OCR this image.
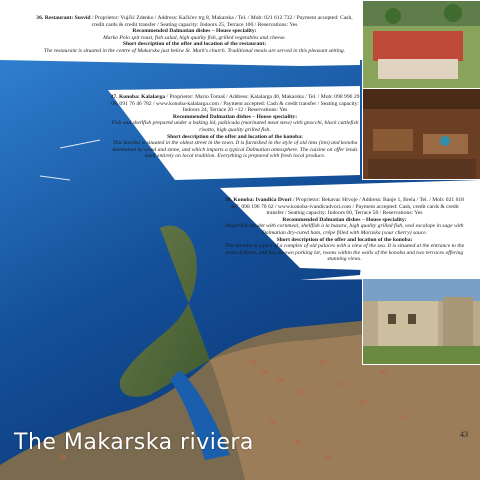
36. Restaurant: Susvid / Proprietor: Vujčić Zdenko / Address: Kačićev trg 8, Makarska / Tel. / Mob: 021 612 732 / Payment accepted: Cash, credit cards & credit transfer / Seating capacity: Indoors 25, Terrace 100 / Reservations: Yes

Recommended Dalmatian dishes – House speciality:

Marko Polo spit roast, fish salad, high quality fish, grilled vegetables and cheese.

Short description of the offer and location of the restaurant:

The restaurant is situated in the centre of Makarska just below St. Mark's church. Traditional meals are served in this pleasant setting.

37. Konoba: Kalalarga / Proprietor: Mario Tomaš / Address: Kalalarga 40, Makarska / Tel. / Mob: 098 990 29 08, 091 76 46 782 / www.konoba-kalalarga.com / Payment accepted: Cash & credit transfer / Seating capacity: Indoors 24, Terrace 20 +12 / Reservations: Yes

Recommended Dalmatian dishes – House speciality:

Fish and shellfish prepared under a baking lid, pašticada (marinated meat stew) with gnocchi, black cuttlefish risotto, high quality grilled fish.

Short description of the offer and location of the konoba:

This konoba is situated in the oldest street in the town. It is furnished in the style of old inns (inn) and konoba dominated by wood and stone, and which imparts a typical Dalmatian atmosphere. The cuisine on offer lends itself entirely on local tradition. Everything is prepared with fresh local produce.

38. Konoba: Ivandića Dvori / Proprietor: Bekavac Hrvoje / Address: Banje 1, Brela / Tel. / Mob: 021 618 407, 098 196 70 62 / www.konoba-ivandicadvori.com / Payment accepted: Cash, credit cards & credit transfer / Seating capacity: Indoors 60, Terrace 50 / Reservations: Yes

Recommended Dalmatian dishes – House speciality:

Anglerfish brudet with cornmeal, shellfish à la buzara, high quality grilled fish, veal escalope in sage with Dalmatian dry-cured ham, crêpe filled with Maraska (sour cherry) sauce.

Short description of the offer and location of the konoba:

This konoba is a part of a complex of old palaces with a view of the sea. It is situated at the entrance to the town of Brela, and has its own parking lot, rooms within the walls of the konoba and two terraces offering stunning views.

The Makarska riviera	43
